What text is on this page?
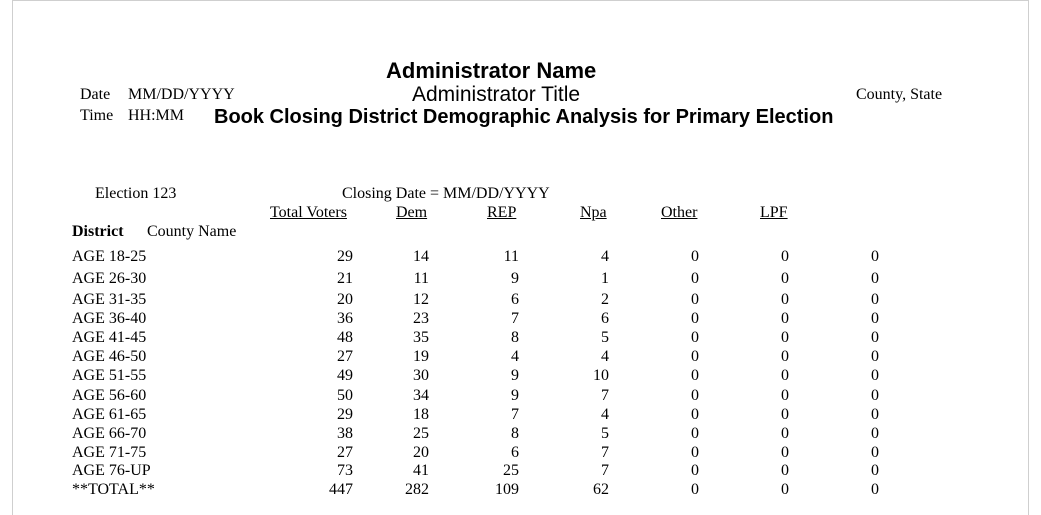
Administrator Name
Administrator Title
Book Closing District Demographic Analysis for Primary Election
Date MM/DD/YYYY
Time HH:MM
County, State
Election 123	Closing Date = MM/DD/YYYY
Total Voters	Dem	REP	Npa	Other	LPF
District County Name
AGE 18-25	29	14	11	4	0	0	0
AGE 26-30	21	11	9	1	0	0	0
AGE 31-35	20	12	6	2	0	0	0
AGE 36-40	36	23	7	6	0	0	0
AGE 41-45	48	35	8	5	0	0	0
AGE 46-50	27	19	4	4	0	0	0
AGE 51-55	49	30	9	10	0	0	0
AGE 56-60	50	34	9	7	0	0	0
AGE 61-65	29	18	7	4	0	0	0
AGE 66-70	38	25	8	5	0	0	0
AGE 71-75	27	20	6	7	0	0	0
AGE 76-UP	73	41	25	7	0	0	0
**TOTAL**	447	282	109	62	0	0	0
